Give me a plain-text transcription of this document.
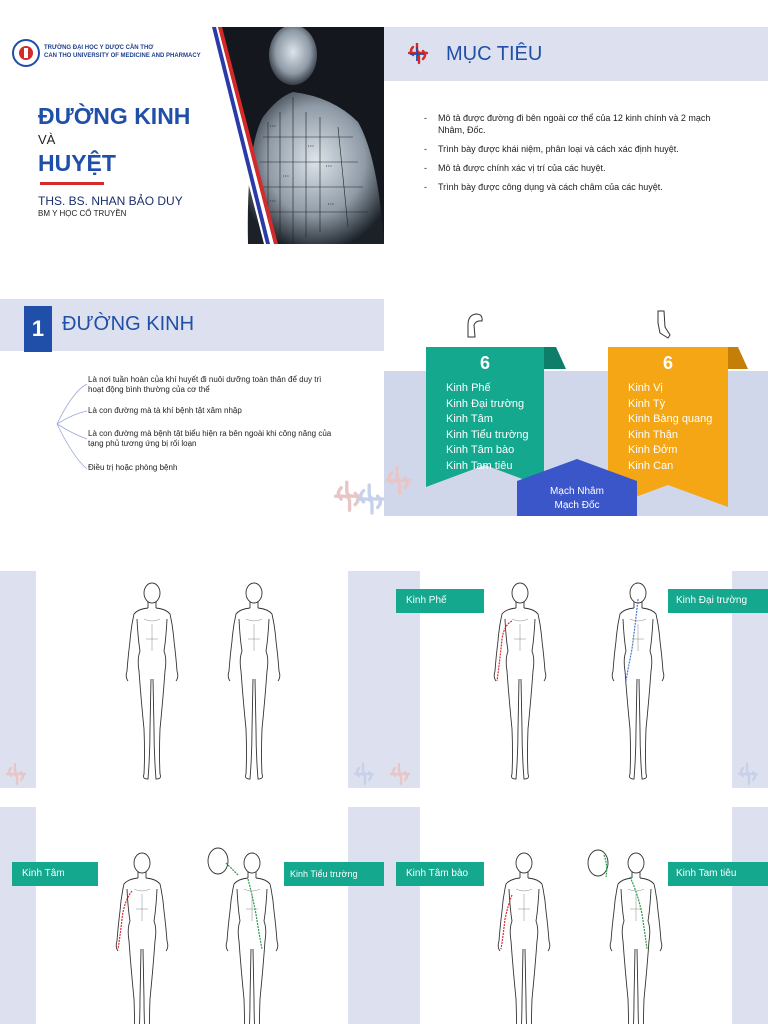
TRƯỜNG ĐẠI HỌC Y DƯỢC CẦN THƠ
CAN THO UNIVERSITY OF MEDICINE AND PHARMACY
ĐƯỜNG KINH
VÀ
HUYỆT
THS. BS. NHAN BẢO DUY
BM Y HỌC CỔ TRUYỀN
• • •
• • •
• • •
• • •
• • •
• • •
MỤC TIÊU
- Mô tả được đường đi bên ngoài cơ thể của 12 kinh chính và 2 mạch Nhâm, Đốc.
- Trình bày được khái niệm, phân loại và cách xác định huyệt.
- Mô tả được chính xác vị trí của các huyệt.
- Trình bày được công dụng và cách châm của các huyệt.
1 ĐƯỜNG KINH
Là nơi tuần hoàn của khí huyết đi nuôi dưỡng toàn thân để duy trì hoạt động bình thường của cơ thể
Là con đường mà tà khí bệnh tật xâm nhập
Là con đường mà bệnh tật biểu hiện ra bên ngoài khi công năng của tạng phủ tương ứng bị rối loạn
Điều trị hoặc phòng bệnh
6
Kinh Phế
Kinh Đại trường
Kinh Tâm
Kinh Tiểu trường
Kinh Tâm bào
Kinh Tam tiêu
6
Kinh Vị
Kinh Tỳ
Kinh Bàng quang
Kinh Thận
Kinh Đởm
Kinh Can
Mạch Nhâm
Mạch Đốc
Kinh Phế	Kinh Đại trường
Kinh Tâm	Kinh Tiểu trường	Kinh Tâm bào	Kinh Tam tiêu
